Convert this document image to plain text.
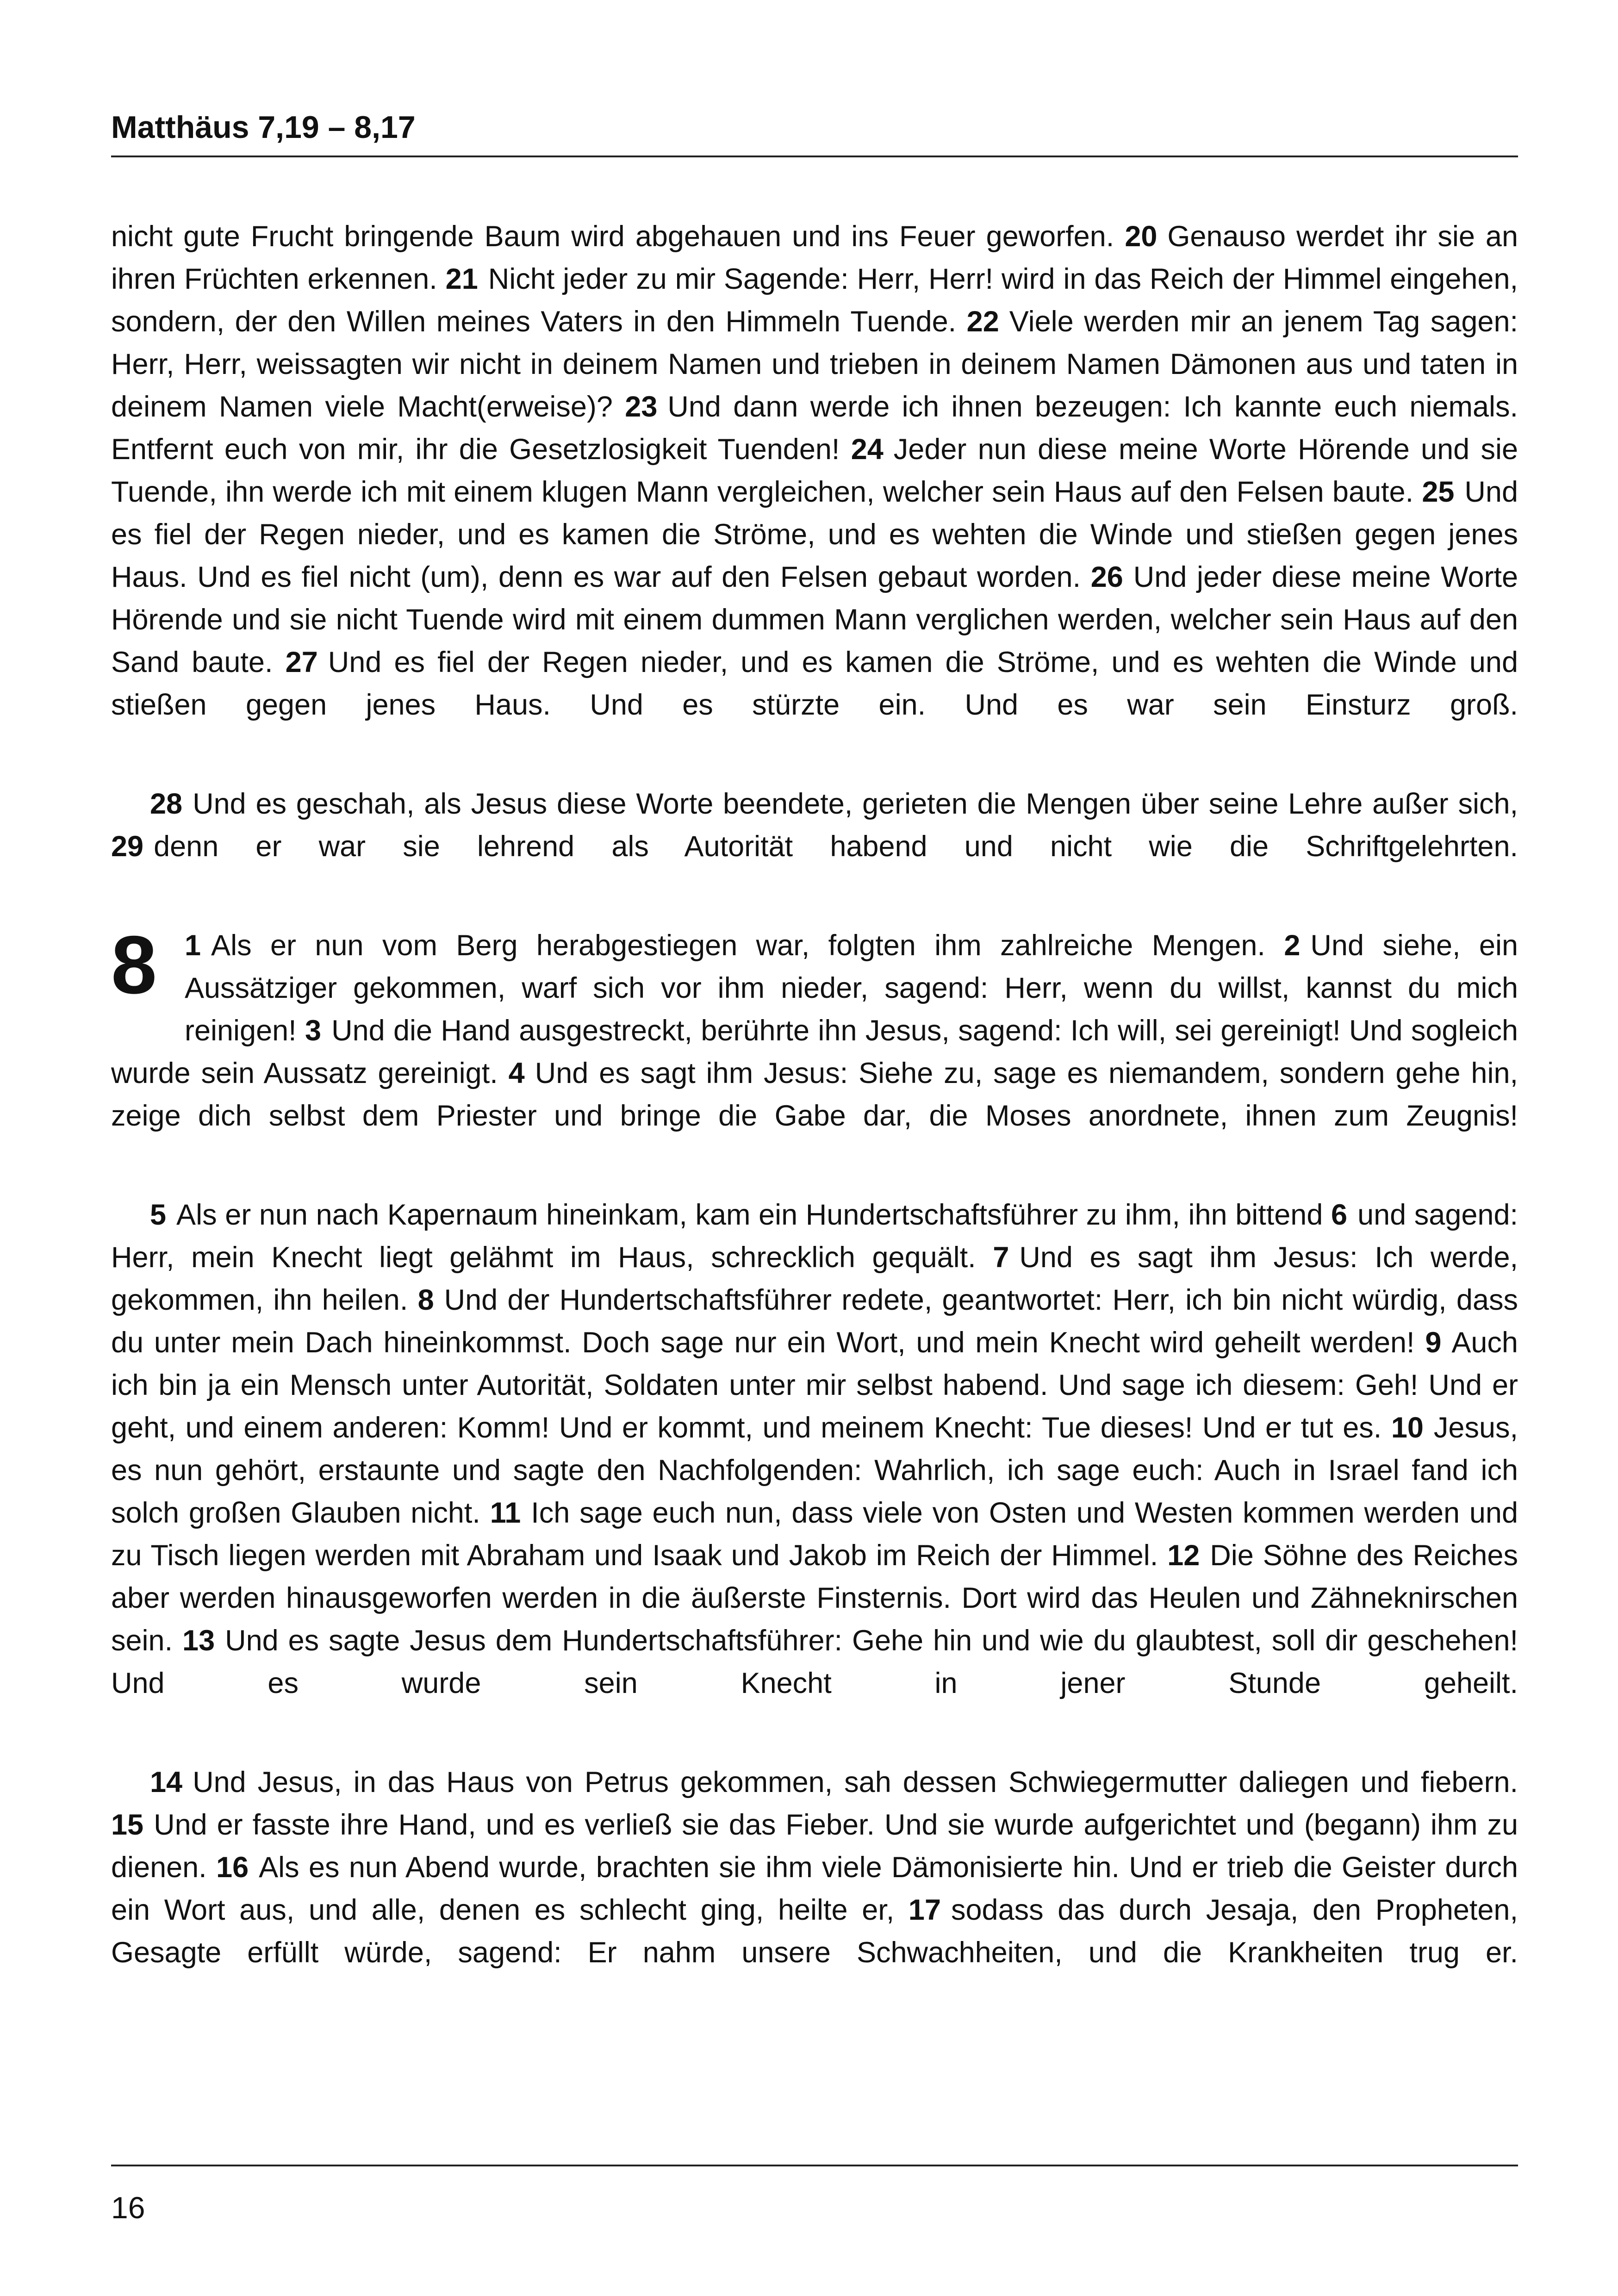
Matthäus 7,19 – 8,17

nicht gute Frucht bringende Baum wird abgehauen und ins Feuer geworfen. 20 Genauso werdet ihr sie an ihren Früchten erkennen. 21 Nicht jeder zu mir Sagende: Herr, Herr! wird in das Reich der Himmel eingehen, sondern, der den Willen meines Vaters in den Himmeln Tuende. 22 Viele werden mir an jenem Tag sagen: Herr, Herr, weissagten wir nicht in deinem Namen und trieben in deinem Namen Dämonen aus und taten in deinem Namen viele Macht(erweise)? 23 Und dann werde ich ihnen bezeugen: Ich kannte euch niemals. Entfernt euch von mir, ihr die Gesetzlosigkeit Tuenden! 24 Jeder nun diese meine Worte Hörende und sie Tuende, ihn werde ich mit einem klugen Mann vergleichen, welcher sein Haus auf den Felsen baute. 25 Und es fiel der Regen nieder, und es kamen die Ströme, und es wehten die Winde und stießen gegen jenes Haus. Und es fiel nicht (um), denn es war auf den Felsen gebaut worden. 26 Und jeder diese meine Worte Hörende und sie nicht Tuende wird mit einem dummen Mann verglichen werden, welcher sein Haus auf den Sand baute. 27 Und es fiel der Regen nieder, und es kamen die Ströme, und es wehten die Winde und stießen gegen jenes Haus. Und es stürzte ein. Und es war sein Einsturz groß.

28 Und es geschah, als Jesus diese Worte beendete, gerieten die Mengen über seine Lehre außer sich, 29 denn er war sie lehrend als Autorität habend und nicht wie die Schriftgelehrten.

8 1 Als er nun vom Berg herabgestiegen war, folgten ihm zahlreiche Mengen. 2 Und siehe, ein Aussätziger gekommen, warf sich vor ihm nieder, sagend: Herr, wenn du willst, kannst du mich reinigen! 3 Und die Hand ausgestreckt, berührte ihn Jesus, sagend: Ich will, sei gereinigt! Und sogleich wurde sein Aussatz gereinigt. 4 Und es sagt ihm Jesus: Siehe zu, sage es niemandem, sondern gehe hin, zeige dich selbst dem Priester und bringe die Gabe dar, die Moses anordnete, ihnen zum Zeugnis!

5 Als er nun nach Kapernaum hineinkam, kam ein Hundertschaftsführer zu ihm, ihn bittend 6 und sagend: Herr, mein Knecht liegt gelähmt im Haus, schrecklich gequält. 7 Und es sagt ihm Jesus: Ich werde, gekommen, ihn heilen. 8 Und der Hundertschaftsführer redete, geantwortet: Herr, ich bin nicht würdig, dass du unter mein Dach hineinkommst. Doch sage nur ein Wort, und mein Knecht wird geheilt werden! 9 Auch ich bin ja ein Mensch unter Autorität, Soldaten unter mir selbst habend. Und sage ich diesem: Geh! Und er geht, und einem anderen: Komm! Und er kommt, und meinem Knecht: Tue dieses! Und er tut es. 10 Jesus, es nun gehört, erstaunte und sagte den Nachfolgenden: Wahrlich, ich sage euch: Auch in Israel fand ich solch großen Glauben nicht. 11 Ich sage euch nun, dass viele von Osten und Westen kommen werden und zu Tisch liegen werden mit Abraham und Isaak und Jakob im Reich der Himmel. 12 Die Söhne des Reiches aber werden hinausgeworfen werden in die äußerste Finsternis. Dort wird das Heulen und Zähneknirschen sein. 13 Und es sagte Jesus dem Hundertschaftsführer: Gehe hin und wie du glaubtest, soll dir geschehen! Und es wurde sein Knecht in jener Stunde geheilt.

14 Und Jesus, in das Haus von Petrus gekommen, sah dessen Schwiegermutter daliegen und fiebern. 15 Und er fasste ihre Hand, und es verließ sie das Fieber. Und sie wurde aufgerichtet und (begann) ihm zu dienen. 16 Als es nun Abend wurde, brachten sie ihm viele Dämonisierte hin. Und er trieb die Geister durch ein Wort aus, und alle, denen es schlecht ging, heilte er, 17 sodass das durch Jesaja, den Propheten, Gesagte erfüllt würde, sagend: Er nahm unsere Schwachheiten, und die Krankheiten trug er.

16
